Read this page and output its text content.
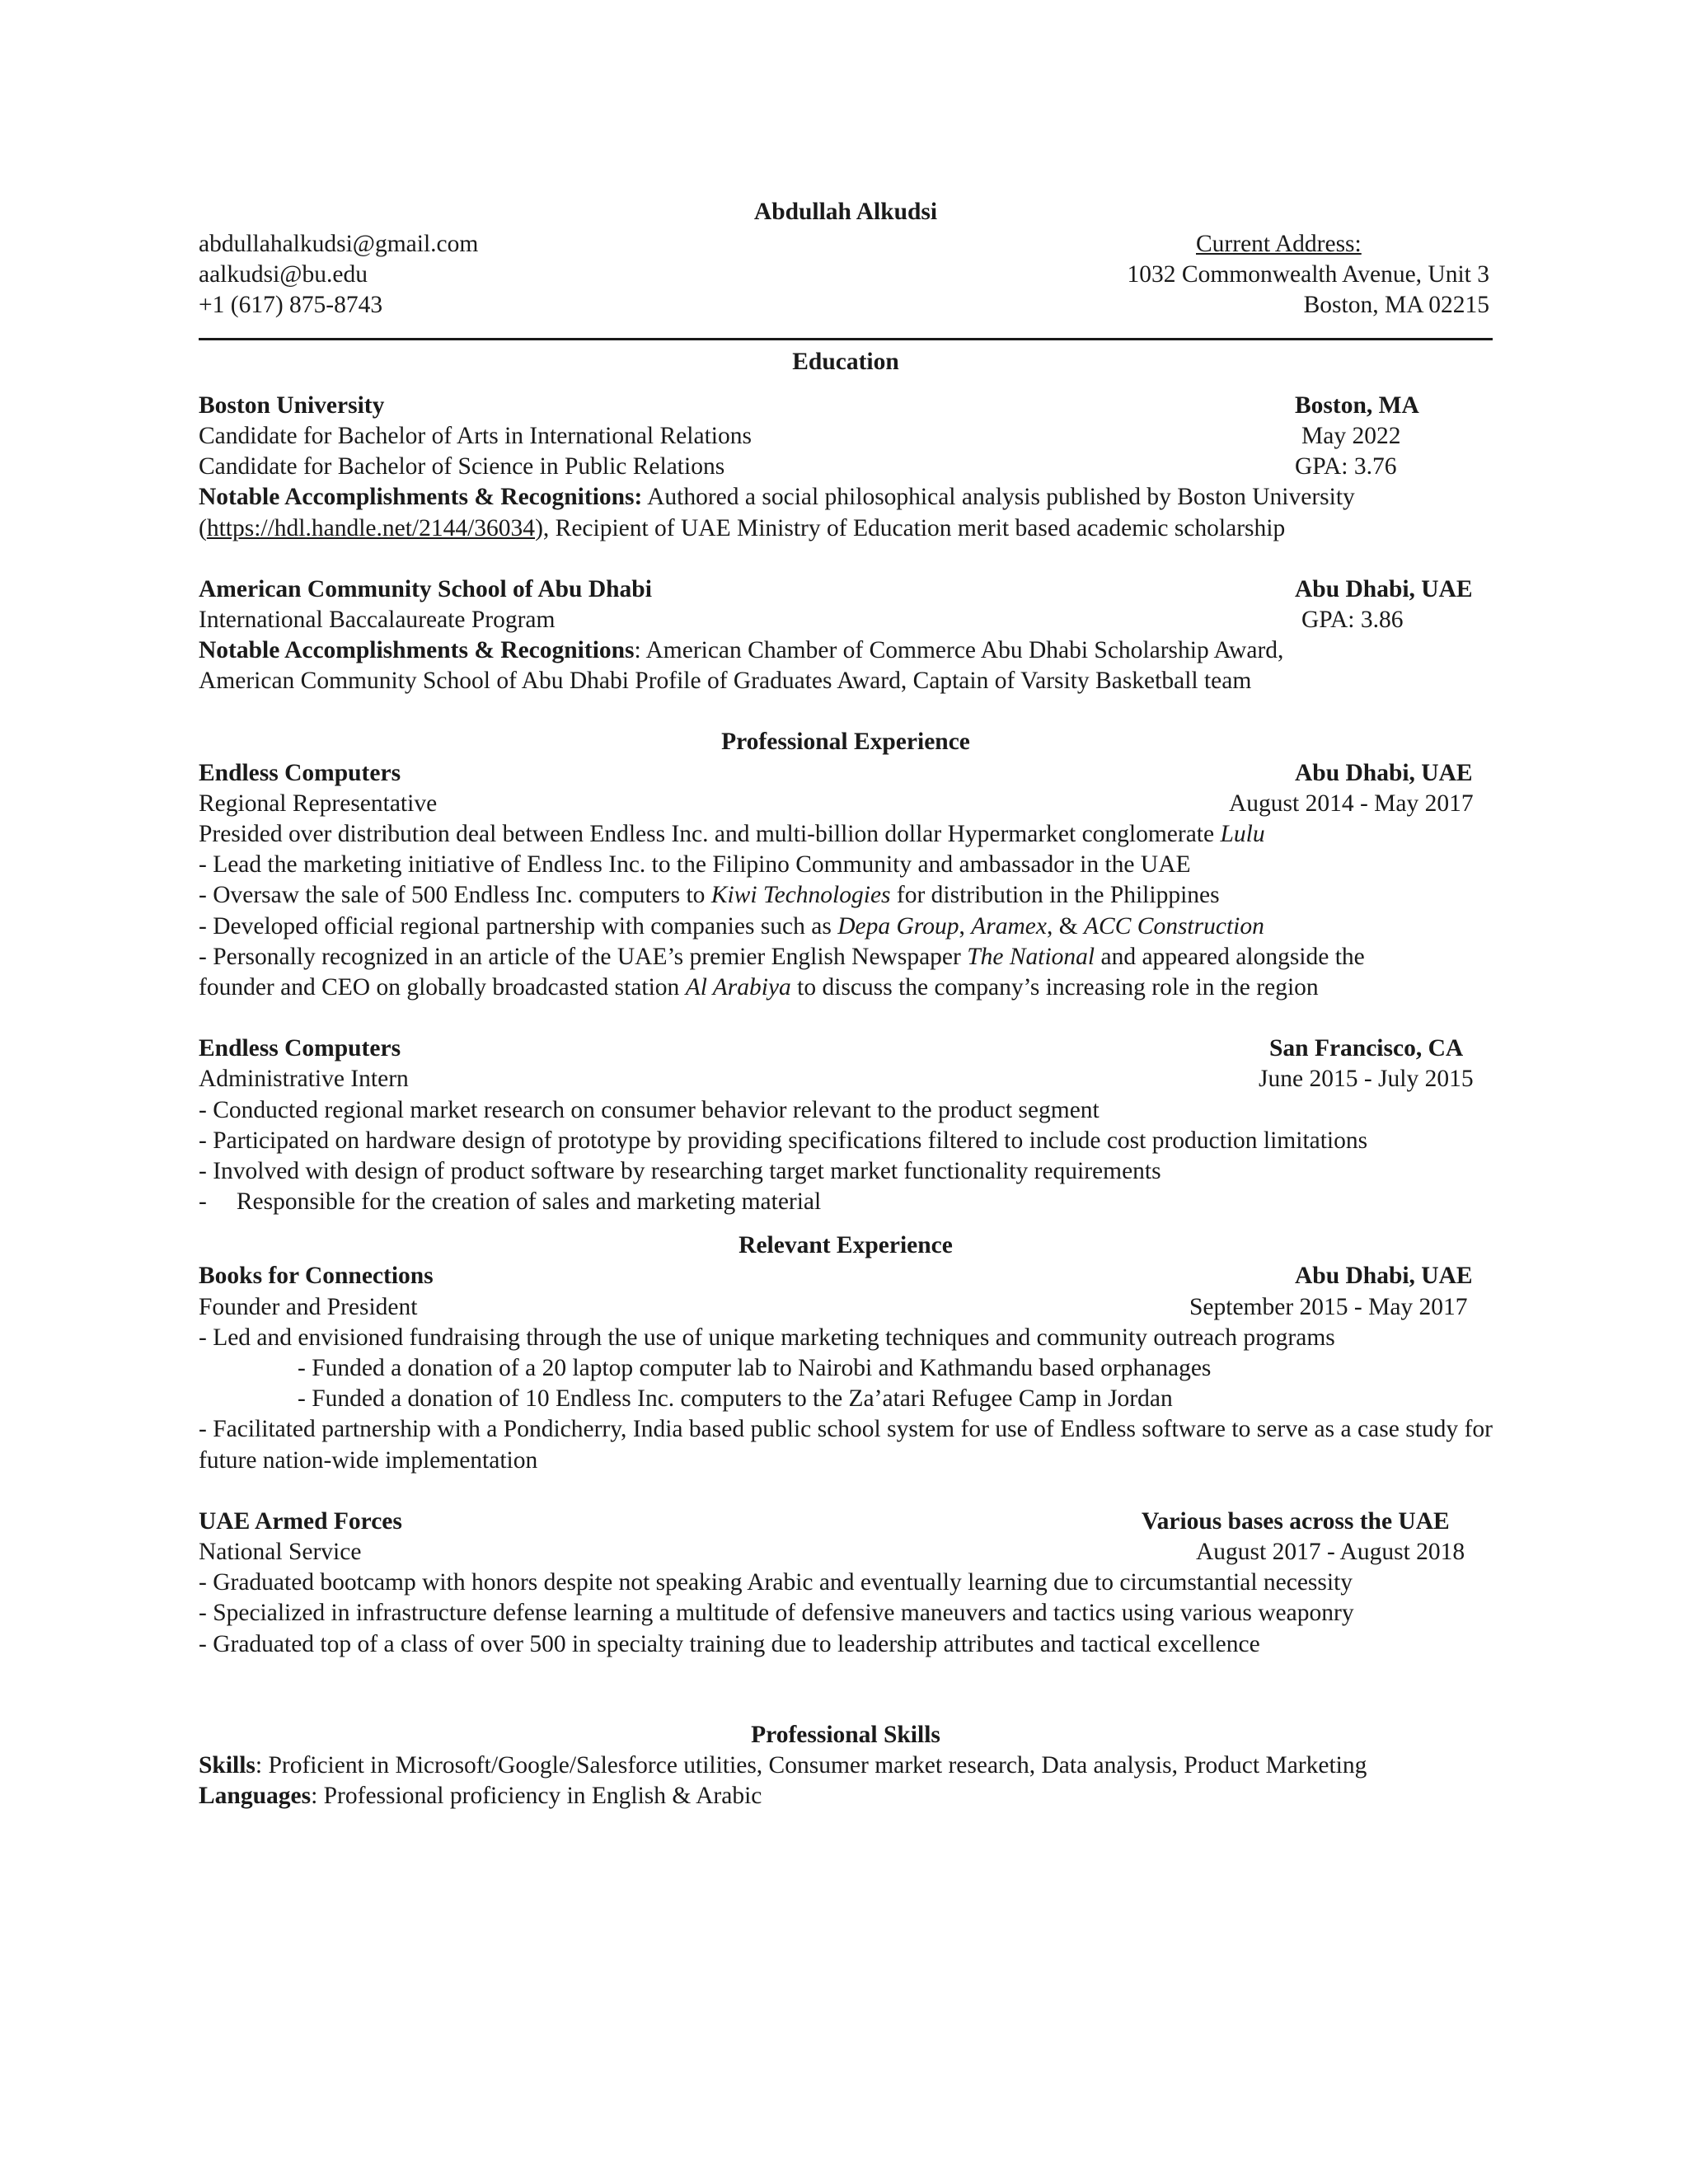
Abdullah Alkudsi
abdullahalkudsi@gmail.com	Current Address:
aalkudsi@bu.edu	1032 Commonwealth Avenue, Unit 3
+1 (617) 875-8743	Boston, MA 02215
Education
Boston University	Boston, MA
Candidate for Bachelor of Arts in International Relations	May 2022
Candidate for Bachelor of Science in Public Relations	GPA: 3.76
Notable Accomplishments & Recognitions: Authored a social philosophical analysis published by Boston University
(https://hdl.handle.net/2144/36034), Recipient of UAE Ministry of Education merit based academic scholarship
American Community School of Abu Dhabi	Abu Dhabi, UAE
International Baccalaureate Program	GPA: 3.86
Notable Accomplishments & Recognitions: American Chamber of Commerce Abu Dhabi Scholarship Award,
American Community School of Abu Dhabi Profile of Graduates Award, Captain of Varsity Basketball team
Professional Experience
Endless Computers	Abu Dhabi, UAE
Regional Representative	August 2014 - May 2017
Presided over distribution deal between Endless Inc. and multi-billion dollar Hypermarket conglomerate Lulu
- Lead the marketing initiative of Endless Inc. to the Filipino Community and ambassador in the UAE
- Oversaw the sale of 500 Endless Inc. computers to Kiwi Technologies for distribution in the Philippines
- Developed official regional partnership with companies such as Depa Group, Aramex, & ACC Construction
- Personally recognized in an article of the UAE’s premier English Newspaper The National and appeared alongside the
founder and CEO on globally broadcasted station Al Arabiya to discuss the company’s increasing role in the region
Endless Computers	San Francisco, CA
Administrative Intern	June 2015 - July 2015
- Conducted regional market research on consumer behavior relevant to the product segment
- Participated on hardware design of prototype by providing specifications filtered to include cost production limitations
- Involved with design of product software by researching target market functionality requirements
- Responsible for the creation of sales and marketing material
Relevant Experience
Books for Connections	Abu Dhabi, UAE
Founder and President	September 2015 - May 2017
- Led and envisioned fundraising through the use of unique marketing techniques and community outreach programs
- Funded a donation of a 20 laptop computer lab to Nairobi and Kathmandu based orphanages
- Funded a donation of 10 Endless Inc. computers to the Za’atari Refugee Camp in Jordan
- Facilitated partnership with a Pondicherry, India based public school system for use of Endless software to serve as a case study for future nation-wide implementation
UAE Armed Forces	Various bases across the UAE
National Service	August 2017 - August 2018
- Graduated bootcamp with honors despite not speaking Arabic and eventually learning due to circumstantial necessity
- Specialized in infrastructure defense learning a multitude of defensive maneuvers and tactics using various weaponry
- Graduated top of a class of over 500 in specialty training due to leadership attributes and tactical excellence
Professional Skills
Skills: Proficient in Microsoft/Google/Salesforce utilities, Consumer market research, Data analysis, Product Marketing
Languages: Professional proficiency in English & Arabic
